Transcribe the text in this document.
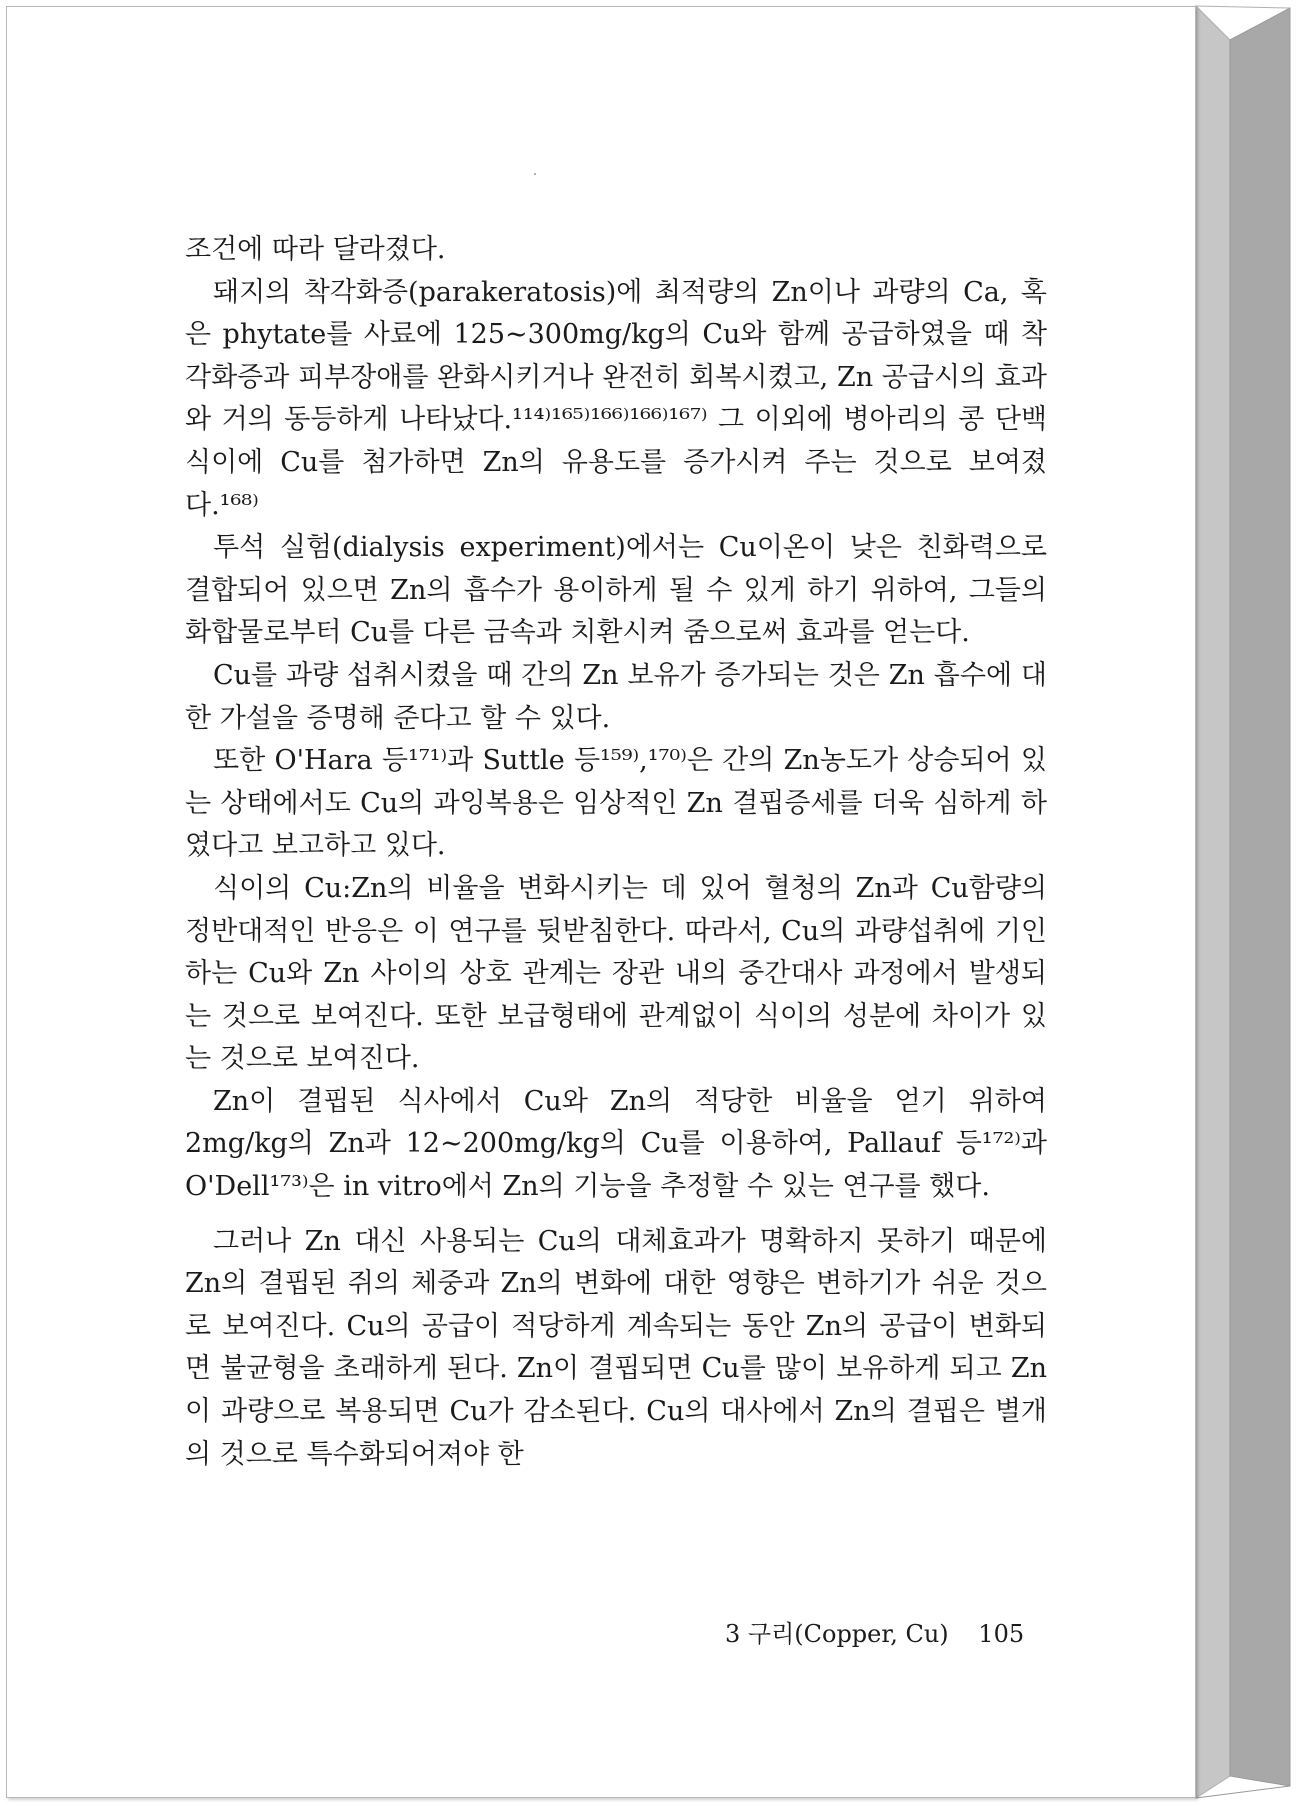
조건에 따라 달라졌다.

돼지의 착각화증(parakeratosis)에 최적량의 Zn이나 과량의 Ca, 혹은 phytate를 사료에 125∼300mg/kg의 Cu와 함께 공급하였을 때 착각화증과 피부장애를 완화시키거나 완전히 회복시켰고, Zn 공급시의 효과와 거의 동등하게 나타났다.¹¹⁴⁾¹⁶⁵⁾¹⁶⁶⁾¹⁶⁶⁾¹⁶⁷⁾ 그 이외에 병아리의 콩 단백 식이에 Cu를 첨가하면 Zn의 유용도를 증가시켜 주는 것으로 보여졌다.¹⁶⁸⁾

투석 실험(dialysis experiment)에서는 Cu이온이 낮은 친화력으로 결합되어 있으면 Zn의 흡수가 용이하게 될 수 있게 하기 위하여, 그들의 화합물로부터 Cu를 다른 금속과 치환시켜 줌으로써 효과를 얻는다.

Cu를 과량 섭취시켰을 때 간의 Zn 보유가 증가되는 것은 Zn 흡수에 대한 가설을 증명해 준다고 할 수 있다.

또한 O'Hara 등¹⁷¹⁾과 Suttle 등¹⁵⁹⁾,¹⁷⁰⁾은 간의 Zn농도가 상승되어 있는 상태에서도 Cu의 과잉복용은 임상적인 Zn 결핍증세를 더욱 심하게 하였다고 보고하고 있다.

식이의 Cu:Zn의 비율을 변화시키는 데 있어 혈청의 Zn과 Cu함량의 정반대적인 반응은 이 연구를 뒷받침한다. 따라서, Cu의 과량섭취에 기인하는 Cu와 Zn 사이의 상호 관계는 장관 내의 중간대사 과정에서 발생되는 것으로 보여진다. 또한 보급형태에 관계없이 식이의 성분에 차이가 있는 것으로 보여진다.

Zn이 결핍된 식사에서 Cu와 Zn의 적당한 비율을 얻기 위하여 2mg/kg의 Zn과 12∼200mg/kg의 Cu를 이용하여, Pallauf 등¹⁷²⁾과 O'Dell¹⁷³⁾은 in vitro에서 Zn의 기능을 추정할 수 있는 연구를 했다.

그러나 Zn 대신 사용되는 Cu의 대체효과가 명확하지 못하기 때문에 Zn의 결핍된 쥐의 체중과 Zn의 변화에 대한 영향은 변하기가 쉬운 것으로 보여진다. Cu의 공급이 적당하게 계속되는 동안 Zn의 공급이 변화되면 불균형을 초래하게 된다. Zn이 결핍되면 Cu를 많이 보유하게 되고 Zn이 과량으로 복용되면 Cu가 감소된다. Cu의 대사에서 Zn의 결핍은 별개의 것으로 특수화되어져야 한

3 구리(Copper, Cu) 105
